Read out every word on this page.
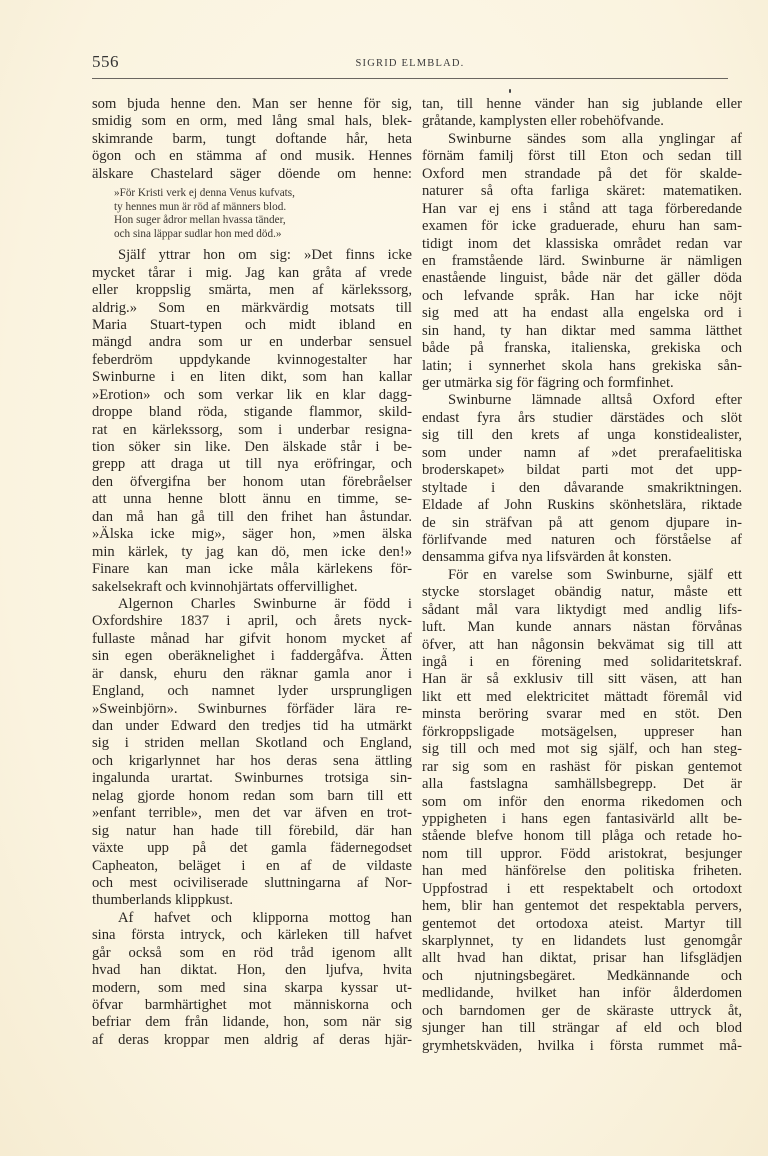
556	SIGRID ELMBLAD.
som bjuda henne den. Man ser henne för sig,
smidig som en orm, med lång smal hals, blek-
skimrande barm, tungt doftande hår, heta
ögon och en stämma af ond musik. Hennes
älskare Chastelard säger döende om henne:
»För Kristi verk ej denna Venus kufvats,
ty hennes mun är röd af männers blod.
Hon suger ådror mellan hvassa tänder,
och sina läppar sudlar hon med död.»
Själf yttrar hon om sig: »Det finns icke
mycket tårar i mig. Jag kan gråta af vrede
eller kroppslig smärta, men af kärlekssorg,
aldrig.» Som en märkvärdig motsats till
Maria Stuart-typen och midt ibland en
mängd andra som ur en underbar sensuel
feberdröm uppdykande kvinnogestalter har
Swinburne i en liten dikt, som han kallar
»Erotion» och som verkar lik en klar dagg-
droppe bland röda, stigande flammor, skild-
rat en kärlekssorg, som i underbar resigna-
tion söker sin like. Den älskade står i be-
grepp att draga ut till nya eröfringar, och
den öfvergifna ber honom utan förebråelser
att unna henne blott ännu en timme, se-
dan må han gå till den frihet han åstundar.
»Älska icke mig», säger hon, »men älska
min kärlek, ty jag kan dö, men icke den!»
Finare kan man icke måla kärlekens för-
sakelsekraft och kvinnohjärtats offervillighet.
Algernon Charles Swinburne är född i
Oxfordshire 1837 i april, och årets nyck-
fullaste månad har gifvit honom mycket af
sin egen oberäknelighet i faddergåfva. Ätten
är dansk, ehuru den räknar gamla anor i
England, och namnet lyder ursprungligen
»Sweinbjörn». Swinburnes förfäder lära re-
dan under Edward den tredjes tid ha utmärkt
sig i striden mellan Skotland och England,
och krigarlynnet har hos deras sena ättling
ingalunda urartat. Swinburnes trotsiga sin-
nelag gjorde honom redan som barn till ett
»enfant terrible», men det var äfven en trot-
sig natur han hade till förebild, där han
växte upp på det gamla fädernegodset
Capheaton, beläget i en af de vildaste
och mest ociviliserade sluttningarna af Nor-
thumberlands klippkust.
Af hafvet och klipporna mottog han
sina första intryck, och kärleken till hafvet
går också som en röd tråd igenom allt
hvad han diktat. Hon, den ljufva, hvita
modern, som med sina skarpa kyssar ut-
öfvar barmhärtighet mot människorna och
befriar dem från lidande, hon, som när sig
af deras kroppar men aldrig af deras hjär-
tan, till henne vänder han sig jublande eller
gråtande, kamplysten eller robehöfvande.
Swinburne sändes som alla ynglingar af
förnäm familj först till Eton och sedan till
Oxford men strandade på det för skalde-
naturer så ofta farliga skäret: matematiken.
Han var ej ens i stånd att taga förberedande
examen för icke graduerade, ehuru han sam-
tidigt inom det klassiska området redan var
en framstående lärd. Swinburne är nämligen
enastående linguist, både när det gäller döda
och lefvande språk. Han har icke nöjt
sig med att ha endast alla engelska ord i
sin hand, ty han diktar med samma lätthet
både på franska, italienska, grekiska och
latin; i synnerhet skola hans grekiska sån-
ger utmärka sig för fägring och formfinhet.
Swinburne lämnade alltså Oxford efter
endast fyra års studier därstädes och slöt
sig till den krets af unga konstidealister,
som under namn af »det prerafaelitiska
broderskapet» bildat parti mot det upp-
styltade i den dåvarande smakriktningen.
Eldade af John Ruskins skönhetslära, riktade
de sin sträfvan på att genom djupare in-
förlifvande med naturen och förståelse af
densamma gifva nya lifsvärden åt konsten.
För en varelse som Swinburne, själf ett
stycke storslaget obändig natur, måste ett
sådant mål vara liktydigt med andlig lifs-
luft. Man kunde annars nästan förvånas
öfver, att han någonsin bekvämat sig till att
ingå i en förening med solidaritetskraf.
Han är så exklusiv till sitt väsen, att han
likt ett med elektricitet mättadt föremål vid
minsta beröring svarar med en stöt. Den
förkroppsligade motsägelsen, uppreser han
sig till och med mot sig själf, och han steg-
rar sig som en rashäst för piskan gentemot
alla fastslagna samhällsbegrepp. Det är
som om inför den enorma rikedomen och
yppigheten i hans egen fantasivärld allt be-
stående blefve honom till plåga och retade ho-
nom till uppror. Född aristokrat, besjunger
han med hänförelse den politiska friheten.
Uppfostrad i ett respektabelt och ortodoxt
hem, blir han gentemot det respektabla pervers,
gentemot det ortodoxa ateist. Martyr till
skarplynnet, ty en lidandets lust genomgår
allt hvad han diktat, prisar han lifsglädjen
och njutningsbegäret. Medkännande och
medlidande, hvilket han inför ålderdomen
och barndomen ger de skäraste uttryck åt,
sjunger han till strängar af eld och blod
grymhetskväden, hvilka i första rummet må-
